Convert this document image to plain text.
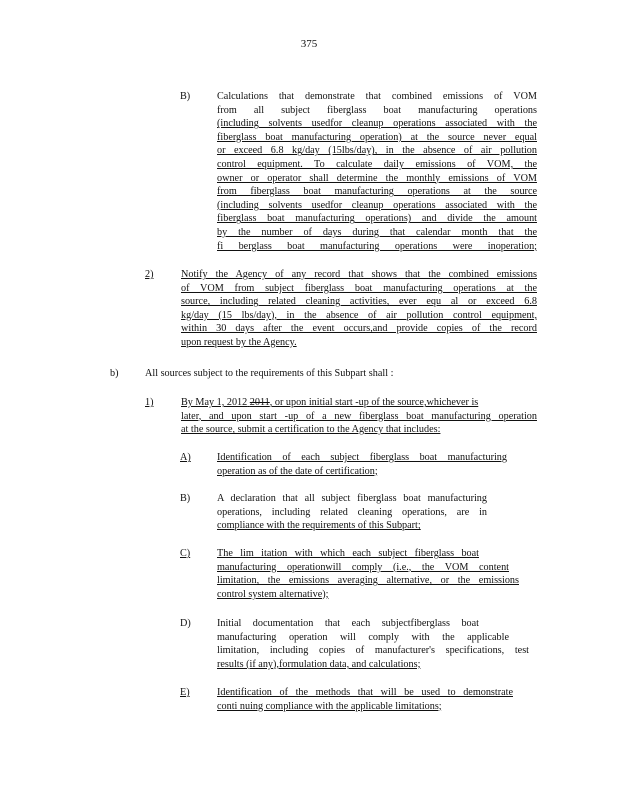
375
B)	Calculations that demonstrate that combined emissions of VOM
from all subject fiberglass boat manufacturing operations
(including solvents usedfor cleanup operations associated with the
fiberglass boat manufacturing operation) at the source never equal
or exceed 6.8 kg/day (15lbs/day), in the absence of air pollution
control equipment. To calculate daily emissions of VOM, the
owner or operator shall determine the monthly emissions of VOM
from fiberglass boat manufacturing operations at the source
(including solvents usedfor cleanup operations associated with the
fiberglass boat manufacturing operations) and divide the amount
by the number of days during that calendar month that the
fi berglass boat manufacturing operations were inoperation;
2)	Notify the Agency of any record that shows that the combined emissions
of VOM from subject fiberglass boat manufacturing operations at the
source, including related cleaning activities, ever equ al or exceed 6.8
kg/day (15 lbs/day), in the absence of air pollution control equipment,
within 30 days after the event occurs,and provide copies of the record
upon request by the Agency.
b)	All sources subject to the requirements of this Subpart shall :
1)	By May 1, 2012 2011, or upon initial start -up of the source,whichever is
later, and upon start -up of a new fiberglass boat manufacturing operation
at the source, submit a certification to the Agency that includes:
A)	Identification of each subject fiberglass boat manufacturing
operation as of the date of certification;
B)	A declaration that all subject fiberglass boat manufacturing
operations, including related cleaning operations, are in
compliance with the requirements of this Subpart;
C)	The lim itation with which each subject fiberglass boat
manufacturing operationwill comply (i.e., the VOM content
limitation, the emissions averaging alternative, or the emissions
control system alternative);
D)	Initial documentation that each subjectfiberglass boat
manufacturing operation will comply with the applicable
limitation, including copies of manufacturer's specifications, test
results (if any),formulation data, and calculations;
E)	Identification of the methods that will be used to demonstrate
conti nuing compliance with the applicable limitations;
